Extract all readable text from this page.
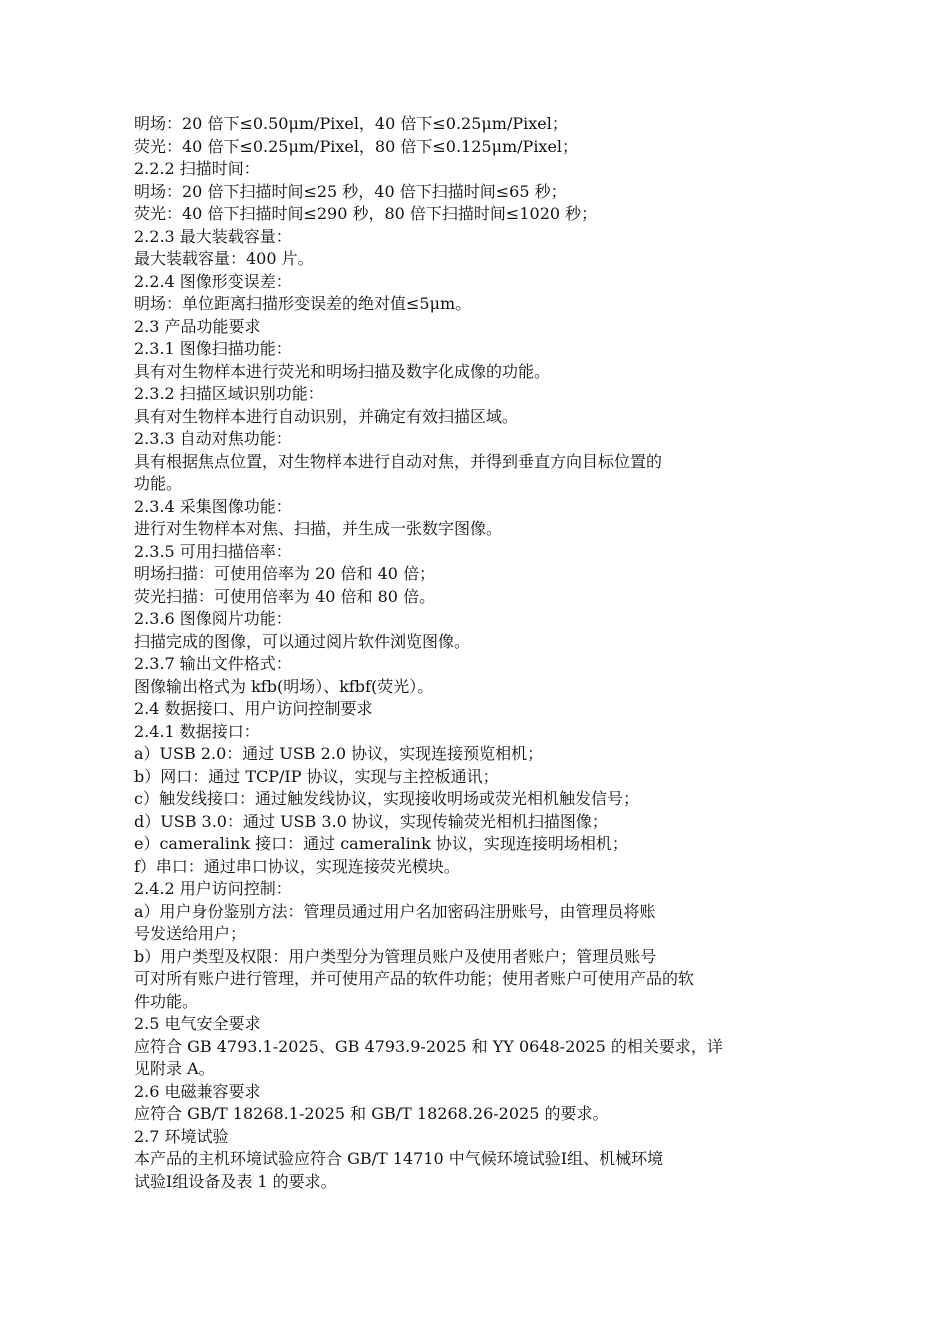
明场：20 倍下≤0.50μm/Pixel，40 倍下≤0.25μm/Pixel；
荧光：40 倍下≤0.25μm/Pixel，80 倍下≤0.125μm/Pixel；
2.2.2 扫描时间：
明场：20 倍下扫描时间≤25 秒，40 倍下扫描时间≤65 秒；
荧光：40 倍下扫描时间≤290 秒，80 倍下扫描时间≤1020 秒；
2.2.3 最大装载容量：
最大装载容量：400 片。
2.2.4 图像形变误差：
明场：单位距离扫描形变误差的绝对值≤5μm。
2.3 产品功能要求
2.3.1 图像扫描功能：
具有对生物样本进行荧光和明场扫描及数字化成像的功能。
2.3.2 扫描区域识别功能：
具有对生物样本进行自动识别，并确定有效扫描区域。
2.3.3 自动对焦功能：
具有根据焦点位置，对生物样本进行自动对焦，并得到垂直方向目标位置的
功能。
2.3.4 采集图像功能：
进行对生物样本对焦、扫描，并生成一张数字图像。
2.3.5 可用扫描倍率：
明场扫描：可使用倍率为 20 倍和 40 倍；
荧光扫描：可使用倍率为 40 倍和 80 倍。
2.3.6 图像阅片功能：
扫描完成的图像，可以通过阅片软件浏览图像。
2.3.7 输出文件格式：
图像输出格式为 kfb(明场）、kfbf(荧光）。
2.4 数据接口、用户访问控制要求
2.4.1 数据接口：
a）USB 2.0：通过 USB 2.0 协议，实现连接预览相机；
b）网口：通过 TCP/IP 协议，实现与主控板通讯；
c）触发线接口：通过触发线协议，实现接收明场或荧光相机触发信号；
d）USB 3.0：通过 USB 3.0 协议，实现传输荧光相机扫描图像；
e）cameralink 接口：通过 cameralink 协议，实现连接明场相机；
f）串口：通过串口协议，实现连接荧光模块。
2.4.2 用户访问控制：
a）用户身份鉴别方法：管理员通过用户名加密码注册账号，由管理员将账
号发送给用户；
b）用户类型及权限：用户类型分为管理员账户及使用者账户；管理员账号
可对所有账户进行管理，并可使用产品的软件功能；使用者账户可使用产品的软
件功能。
2.5 电气安全要求
应符合 GB 4793.1-2025、GB 4793.9-2025 和 YY 0648-2025 的相关要求，详
见附录 A。
2.6 电磁兼容要求
应符合 GB/T 18268.1-2025 和 GB/T 18268.26-2025 的要求。
2.7 环境试验
本产品的主机环境试验应符合 GB/T 14710 中气候环境试验Ⅰ组、机械环境
试验Ⅰ组设备及表 1 的要求。
